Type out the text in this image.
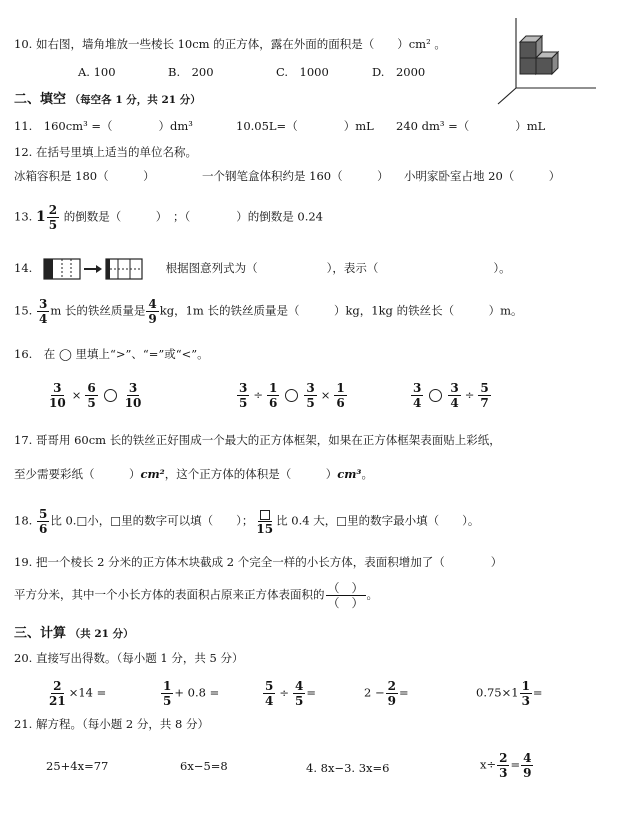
10. 如右图，墙角堆放一些棱长 10cm 的正方体，露在外面的面积是（　　）cm² 。
A. 100	B.　200	C.　1000	D.　2000
二、填空 （每空各 1 分，共 21 分）
11.　160cm³ =（　　　　）dm³	10.05L=（　　　　）mL 240 dm³ =（　　　　）mL
12. 在括号里填上适当的单位名称。
冰箱容积是 180（　　　）	一个钢笔盒体积约是 160（　　　） 小明家卧室占地 20（　　　）
13. $1 \frac{2}{5}$ 的倒数是（　　　）　；（　　　　）的倒数是 0.24
14.	根据图意列式为（　　　　　　），表示（　　　　　　　　　　）。
15. $\frac{3}{4}$ m 长的铁丝质量是 $\frac{4}{9}$ kg，1m 长的铁丝质量是（　　　）kg，1kg 的铁丝长（　　　）m。
16.　在 ◯ 里填上“>”、“=”或“<”。
$\frac{3}{10} \times \frac{6}{5} \frac{3}{10}$	$\frac{3}{5} \div \frac{1}{6} \frac{3}{5} \times \frac{1}{6}$	$\frac{3}{4} \frac{3}{4} \div \frac{5}{7}$
17. 哥哥用 60cm 长的铁丝正好围成一个最大的正方体框架，如果在正方体框架表面贴上彩纸，
至少需要彩纸（　　　）cm²，这个正方体的体积是（　　　）cm³。
18. $\frac{5}{6}$ 比 0.□小，□里的数字可以填（　　）；
15
比 0.4 大，□里的数字最小填（　　）。
19. 把一个棱长 2 分米的正方体木块截成 2 个完全一样的小长方体，表面积增加了（　　　　）
平方分米，其中一个小长方体的表面积占原来正方体表面积的 （　）
（　）
。
三、计算 （共 21 分）
20. 直接写出得数。（每小题 1 分，共 5 分）
$\frac{2}{21} \times 14$ =	$\frac{1}{5} + 0.8$ =	$\frac{5}{4} \div \frac{4}{5}$ =	$2 - \frac{2}{9}$ =	$0.75\times 1 \frac{1}{3}$ =
21. 解方程。（每小题 2 分，共 8 分）
25+4x=77	6x−5=8	4. 8x−3. 3x=6	$x\div \frac{2}{3} = \frac{4}{9}$
